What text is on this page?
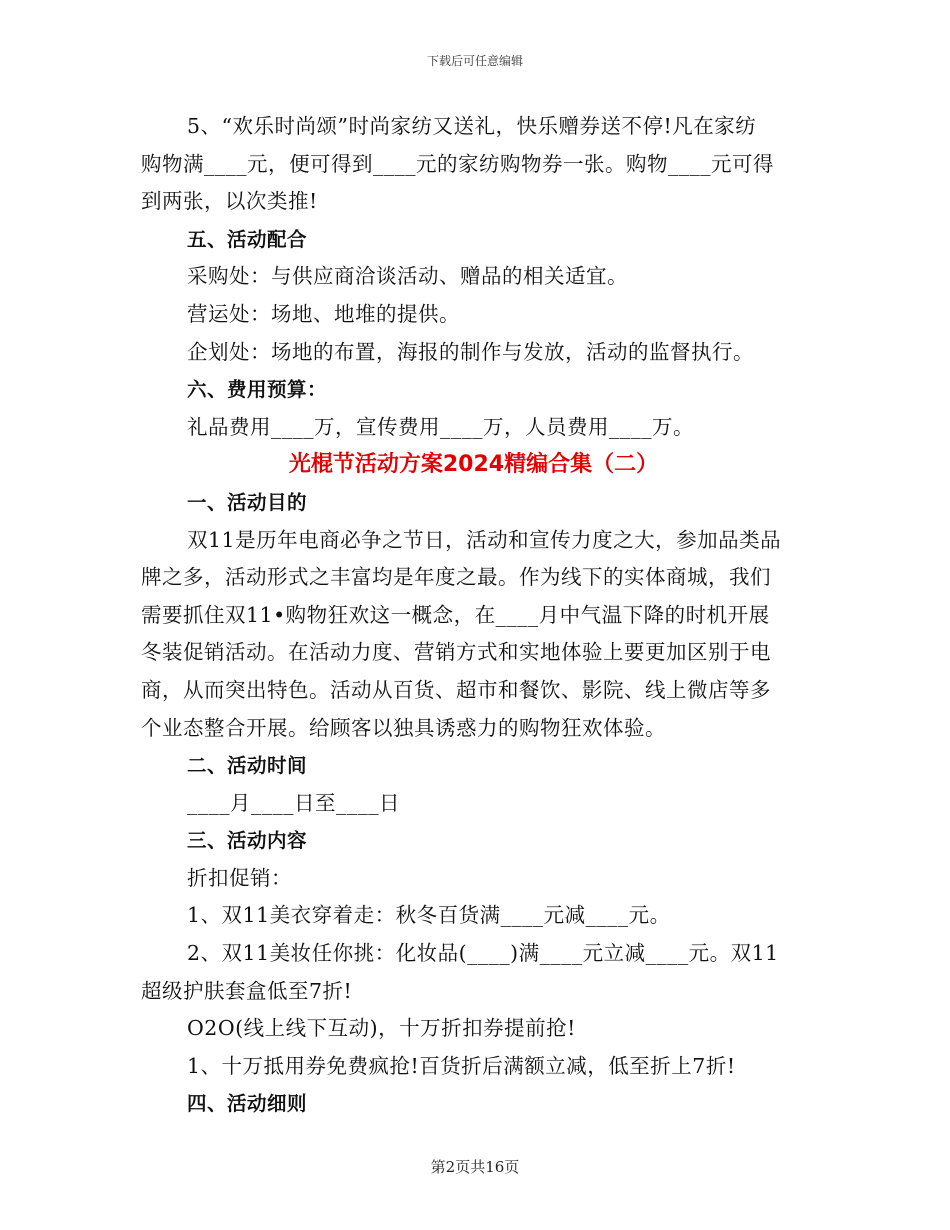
下载后可任意编辑
5、“欢乐时尚颂”时尚家纺又送礼，快乐赠券送不停!凡在家纺
购物满____元，便可得到____元的家纺购物券一张。购物____元可得
到两张，以次类推!
五、活动配合
采购处：与供应商洽谈活动、赠品的相关适宜。
营运处：场地、地堆的提供。
企划处：场地的布置，海报的制作与发放，活动的监督执行。
六、费用预算：
礼品费用____万，宣传费用____万，人员费用____万。
光棍节活动方案2024精编合集（二）
一、活动目的
双11是历年电商必争之节日，活动和宣传力度之大，参加品类品
牌之多，活动形式之丰富均是年度之最。作为线下的实体商城，我们
需要抓住双11•购物狂欢这一概念，在____月中气温下降的时机开展
冬装促销活动。在活动力度、营销方式和实地体验上要更加区别于电
商，从而突出特色。活动从百货、超市和餐饮、影院、线上微店等多
个业态整合开展。给顾客以独具诱惑力的购物狂欢体验。
二、活动时间
____月____日至____日
三、活动内容
折扣促销：
1、双11美衣穿着走：秋冬百货满____元减____元。
2、双11美妆任你挑：化妆品(____)满____元立减____元。双11
超级护肤套盒低至7折!
O2O(线上线下互动)，十万折扣券提前抢!
1、十万抵用券免费疯抢!百货折后满额立减，低至折上7折!
四、活动细则
第2页共16页
